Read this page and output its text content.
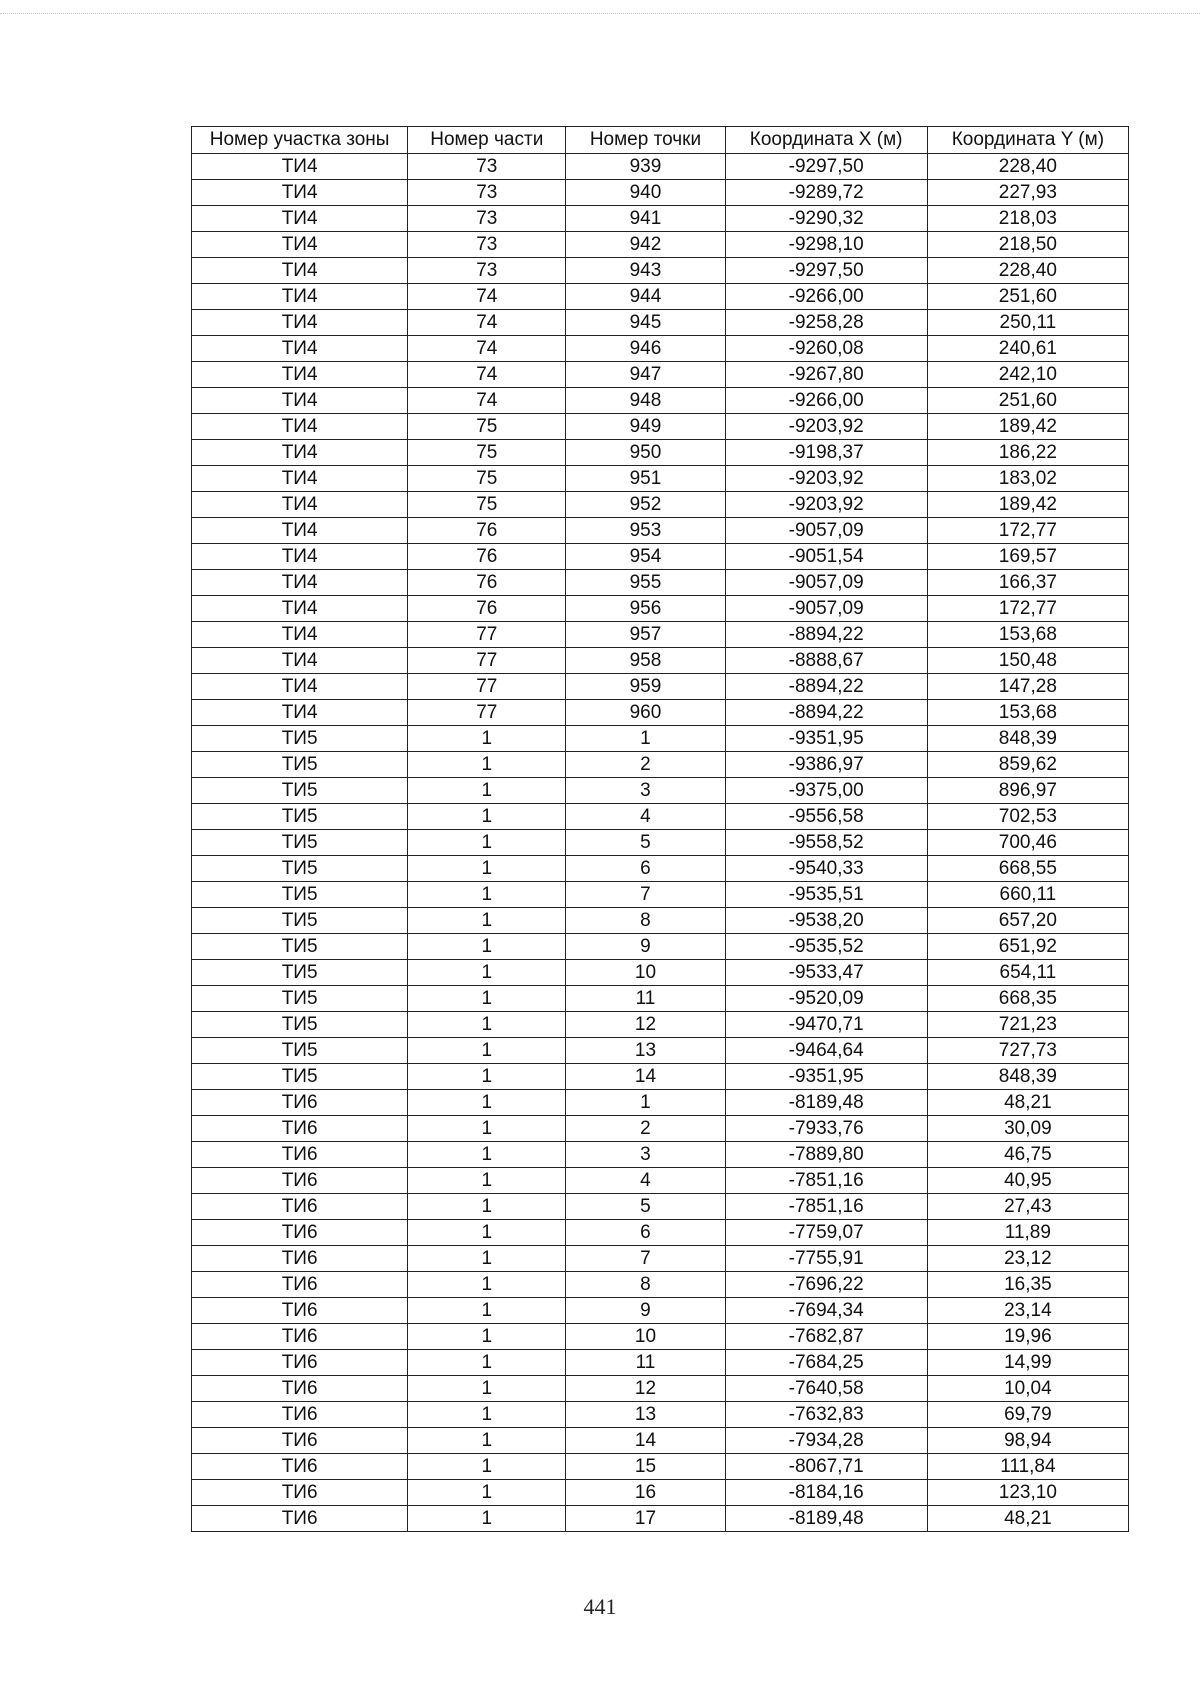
Номер участка зоны	Номер части	Номер точки	Координата X (м)	Координата Y (м)
ТИ4	73	939	-9297,50	228,40
ТИ4	73	940	-9289,72	227,93
ТИ4	73	941	-9290,32	218,03
ТИ4	73	942	-9298,10	218,50
ТИ4	73	943	-9297,50	228,40
ТИ4	74	944	-9266,00	251,60
ТИ4	74	945	-9258,28	250,11
ТИ4	74	946	-9260,08	240,61
ТИ4	74	947	-9267,80	242,10
ТИ4	74	948	-9266,00	251,60
ТИ4	75	949	-9203,92	189,42
ТИ4	75	950	-9198,37	186,22
ТИ4	75	951	-9203,92	183,02
ТИ4	75	952	-9203,92	189,42
ТИ4	76	953	-9057,09	172,77
ТИ4	76	954	-9051,54	169,57
ТИ4	76	955	-9057,09	166,37
ТИ4	76	956	-9057,09	172,77
ТИ4	77	957	-8894,22	153,68
ТИ4	77	958	-8888,67	150,48
ТИ4	77	959	-8894,22	147,28
ТИ4	77	960	-8894,22	153,68
ТИ5	1	1	-9351,95	848,39
ТИ5	1	2	-9386,97	859,62
ТИ5	1	3	-9375,00	896,97
ТИ5	1	4	-9556,58	702,53
ТИ5	1	5	-9558,52	700,46
ТИ5	1	6	-9540,33	668,55
ТИ5	1	7	-9535,51	660,11
ТИ5	1	8	-9538,20	657,20
ТИ5	1	9	-9535,52	651,92
ТИ5	1	10	-9533,47	654,11
ТИ5	1	11	-9520,09	668,35
ТИ5	1	12	-9470,71	721,23
ТИ5	1	13	-9464,64	727,73
ТИ5	1	14	-9351,95	848,39
ТИ6	1	1	-8189,48	48,21
ТИ6	1	2	-7933,76	30,09
ТИ6	1	3	-7889,80	46,75
ТИ6	1	4	-7851,16	40,95
ТИ6	1	5	-7851,16	27,43
ТИ6	1	6	-7759,07	11,89
ТИ6	1	7	-7755,91	23,12
ТИ6	1	8	-7696,22	16,35
ТИ6	1	9	-7694,34	23,14
ТИ6	1	10	-7682,87	19,96
ТИ6	1	11	-7684,25	14,99
ТИ6	1	12	-7640,58	10,04
ТИ6	1	13	-7632,83	69,79
ТИ6	1	14	-7934,28	98,94
ТИ6	1	15	-8067,71	111,84
ТИ6	1	16	-8184,16	123,10
ТИ6	1	17	-8189,48	48,21
441
